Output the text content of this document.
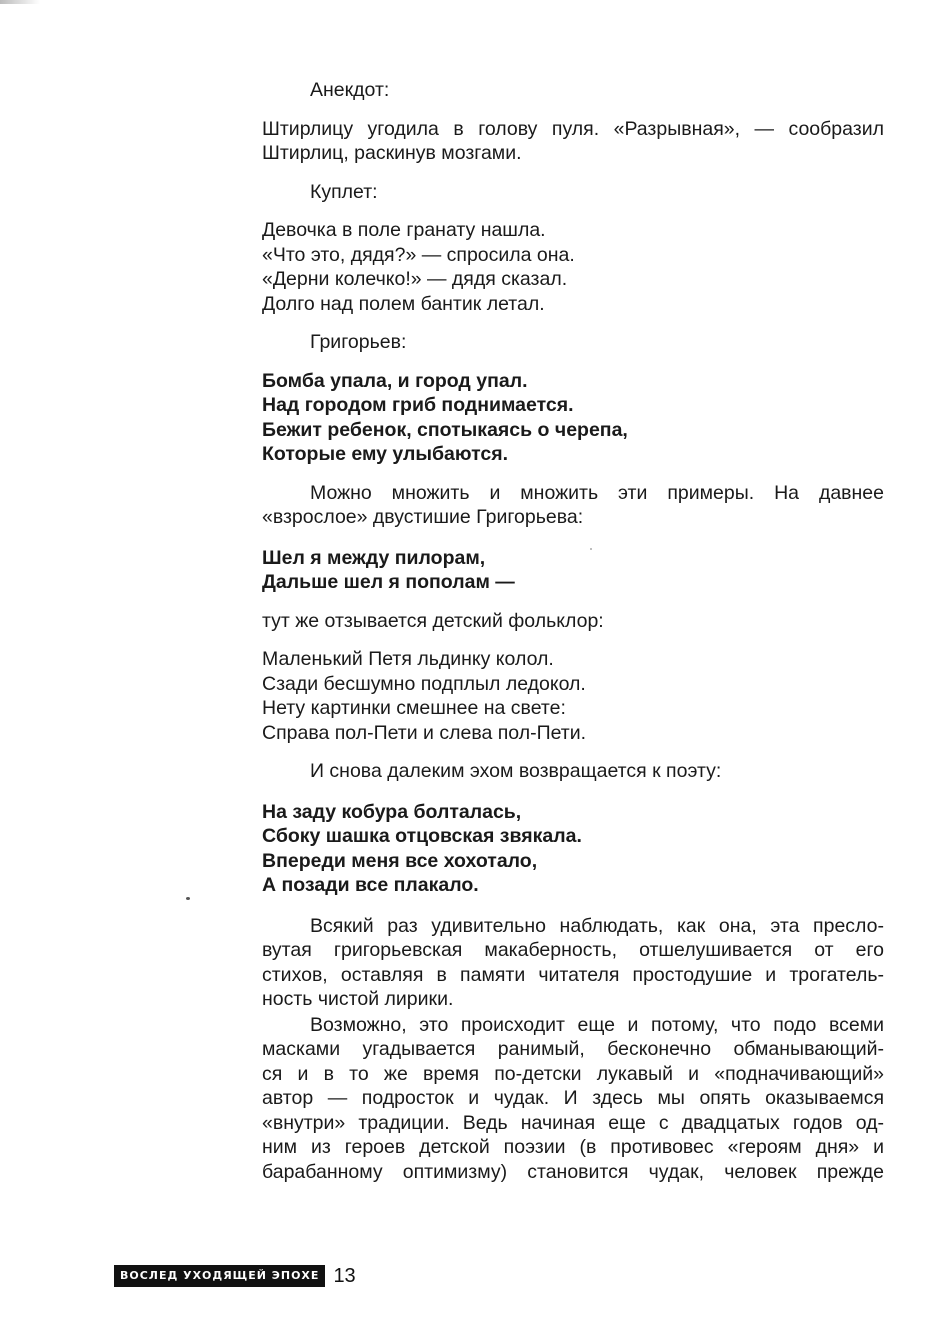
Анекдот:

Штирлицу угодила в голову пуля. «Разрывная», — сообразил
Штирлиц, раскинув мозгами.

Куплет:

Девочка в поле гранату нашла.
«Что это, дядя?» — спросила она.
«Дерни колечко!» — дядя сказал.
Долго над полем бантик летал.

Григорьев:

Бомба упала, и город упал.
Над городом гриб поднимается.
Бежит ребенок, спотыкаясь о черепа,
Которые ему улыбаются.
Можно множить и множить эти примеры. На давнее
«взрослое» двустишие Григорьева:
Шел я между пилорам,
Дальше шел я пополам —

тут же отзывается детский фольклор:

Маленький Петя льдинку колол.
Сзади бесшумно подплыл ледокол.
Нету картинки смешнее на свете:
Справа пол-Пети и слева пол-Пети.

И снова далеким эхом возвращается к поэту:

На заду кобура болталась,
Сбоку шашка отцовская звякала.
Впереди меня все хохотало,
А позади все плакало.
Всякий раз удивительно наблюдать, как она, эта пресло-
вутая григорьевская макаберность, отшелушивается от его
стихов, оставляя в памяти читателя простодушие и трогатель-
ность чистой лирики.
Возможно, это происходит еще и потому, что подо всеми
масками угадывается ранимый, бесконечно обманывающий-
ся и в то же время по-детски лукавый и «подначивающий»
автор — подросток и чудак. И здесь мы опять оказываемся
«внутри» традиции. Ведь начиная еще с двадцатых годов од-
ним из героев детской поэзии (в противовес «героям дня» и
барабанному оптимизму) становится чудак, человек прежде
ВОСЛЕД УХОДЯЩЕЙ ЭПОХЕ 13
